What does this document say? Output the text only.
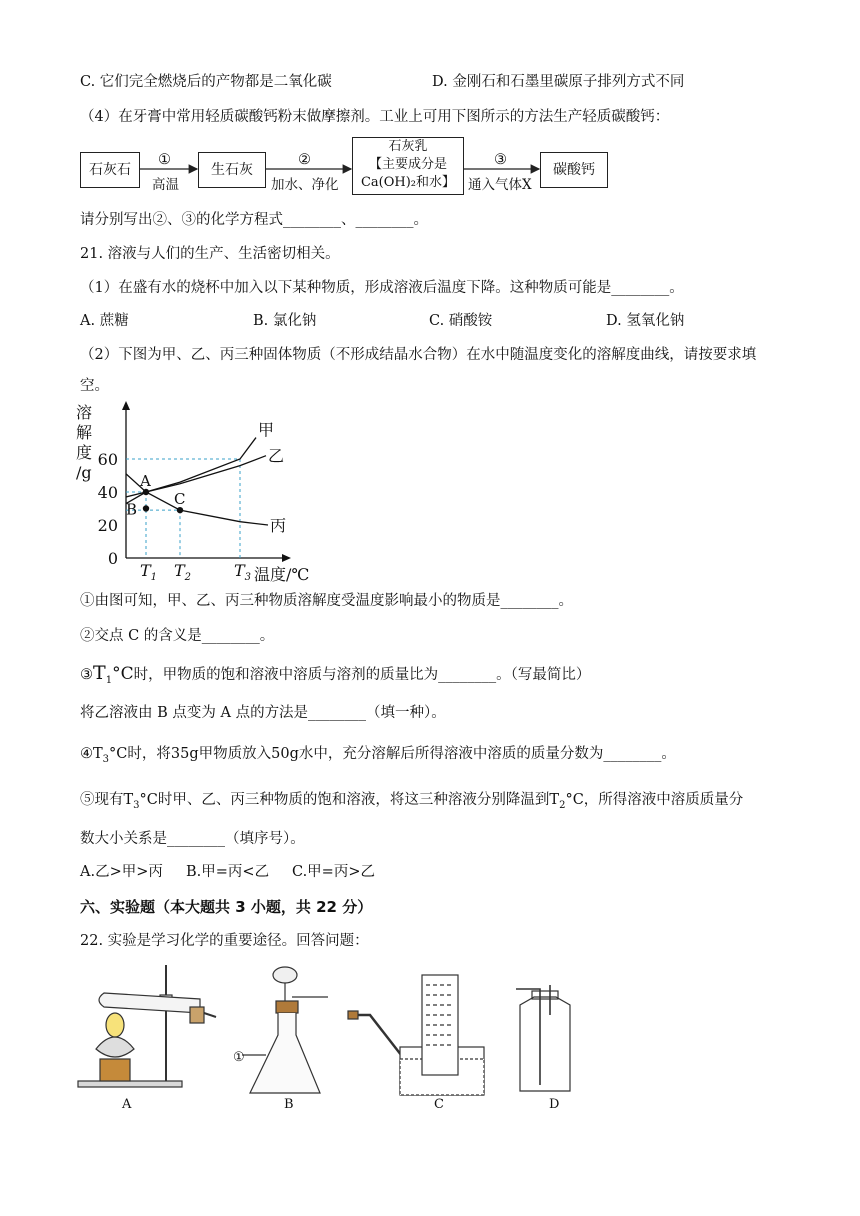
C. 它们完全燃烧后的产物都是二氧化碳	D. 金刚石和石墨里碳原子排列方式不同
（4）在牙膏中常用轻质碳酸钙粉末做摩擦剂。工业上可用下图所示的方法生产轻质碳酸钙：
石灰石	生石灰
石灰乳
【主要成分是
Ca(OH)₂和水】
碳酸钙
①
高温
②
加水、净化
③
通入气体X
请分别写出②、③的化学方程式________、________。
21. 溶液与人们的生产、生活密切相关。
（1）在盛有水的烧杯中加入以下某种物质，形成溶液后温度下降。这种物质可能是________。
A. 蔗糖	B. 氯化钠	C. 硝酸铵	D. 氢氧化钠
（2）下图为甲、乙、丙三种固体物质（不形成结晶水合物）在水中随温度变化的溶解度曲线，请按要求填
空。
溶
解
度
/g
甲
乙
丙
0
20
40
60
$T_1$ $T_2$	$T_3$ 温度/℃
A
B
C
①由图可知，甲、乙、丙三种物质溶解度受温度影响最小的物质是________。
②交点 C 的含义是________。
$③T_1^\circ C$时，甲物质的饱和溶液中溶质与溶剂的质量比为________。（写最简比）
将乙溶液由 B 点变为 A 点的方法是________（填一种）。
$④T_3^\circ C$时，将35g甲物质放入50g水中，充分溶解后所得溶液中溶质的质量分数为________。
⑤现有$T_3^\circ C$时甲、乙、丙三种物质的饱和溶液，将这三种溶液分别降温到$T_2^\circ C$，所得溶液中溶质质量分
数大小关系是________（填序号）。
A.乙>甲>丙 B.甲=丙<乙 C.甲=丙>乙
六、实验题（本大题共 3 小题，共 22 分）
22. 实验是学习化学的重要途径。回答问题：
①
A	B	C	D
